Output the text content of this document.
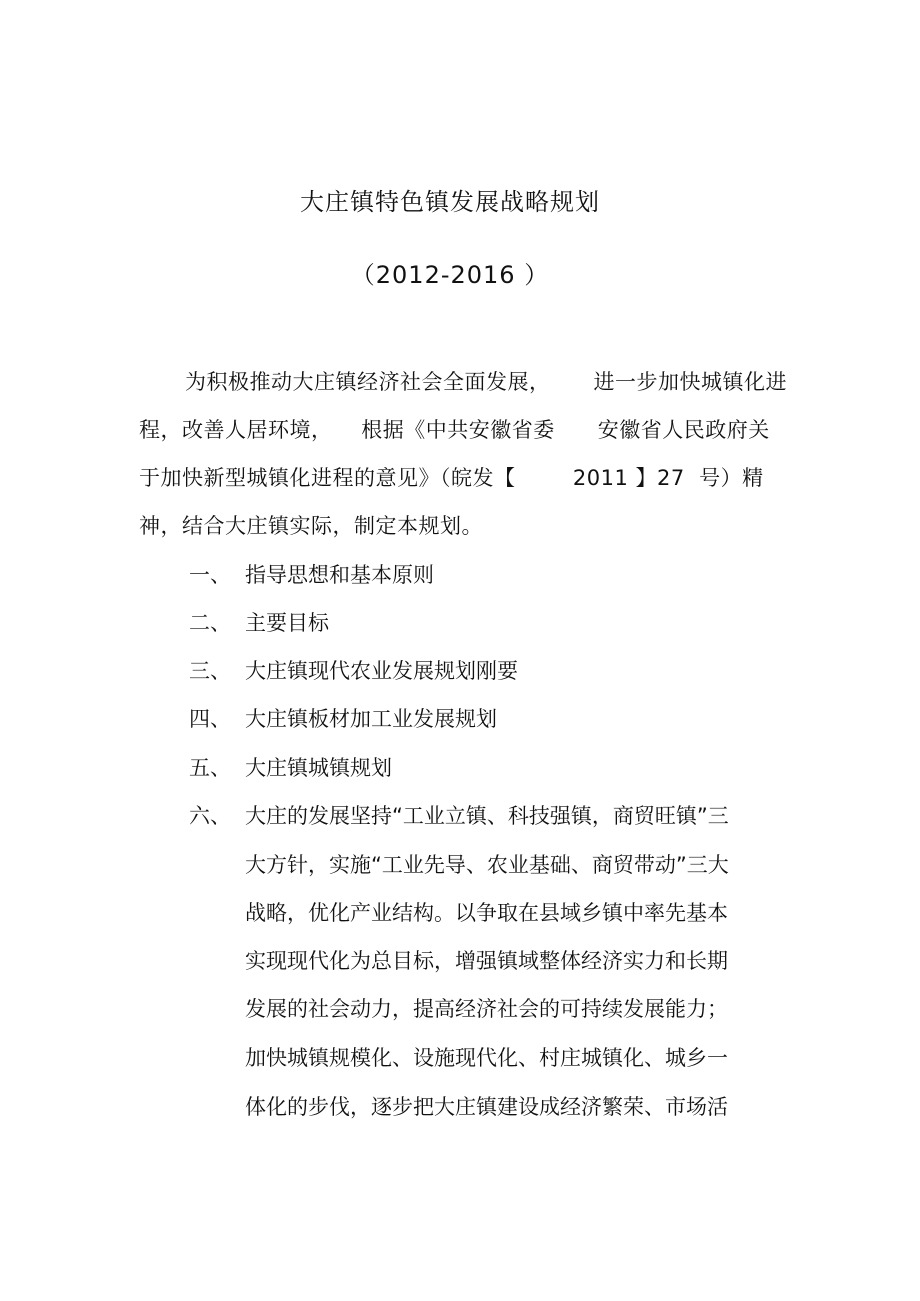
大庄镇特色镇发展战略规划
（2012-2016 ）
为积极推动大庄镇经济社会全面发展，      进一步加快城镇化进
程，改善人居环境，    根据《中共安徽省委      安徽省人民政府关
于加快新型城镇化进程的意见》（皖发【        2011 】27  号）精
神，结合大庄镇实际，制定本规划。
一、 指导思想和基本原则
二、 主要目标
三、 大庄镇现代农业发展规划刚要
四、 大庄镇板材加工业发展规划
五、 大庄镇城镇规划
六、 大庄的发展坚持“工业立镇、科技强镇，商贸旺镇”三
大方针，实施“工业先导、农业基础、商贸带动”三大
战略，优化产业结构。以争取在县域乡镇中率先基本
实现现代化为总目标，增强镇域整体经济实力和长期
发展的社会动力，提高经济社会的可持续发展能力；
加快城镇规模化、设施现代化、村庄城镇化、城乡一
体化的步伐，逐步把大庄镇建设成经济繁荣、市场活
